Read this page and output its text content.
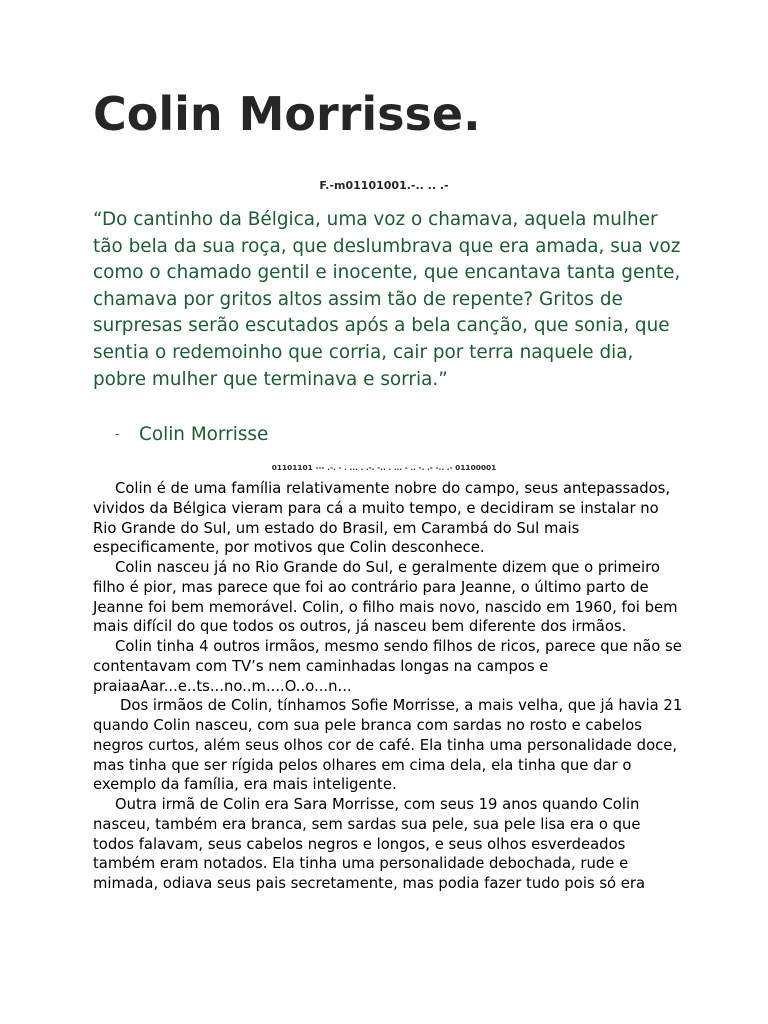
Colin Morrisse.
F.-m01101001.-.. .. .-

“Do cantinho da Bélgica, uma voz o chamava, aquela mulher tão bela da sua roça, que deslumbrava que era amada, sua voz como o chamado gentil e inocente, que encantava tanta gente, chamava por gritos altos assim tão de repente? Gritos de surpresas serão escutados após a bela canção, que sonia, que sentia o redemoinho que corria, cair por terra naquele dia, pobre mulher que terminava e sorria.”

- Colin Morrisse
01101101 --- .-. - . ... . .-. -.. . ... - .. -. .- -.. .- 01100001

Colin é de uma família relativamente nobre do campo, seus antepassados, vividos da Bélgica vieram para cá a muito tempo, e decidiram se instalar no Rio Grande do Sul, um estado do Brasil, em Carambá do Sul mais especificamente, por motivos que Colin desconhece.

Colin nasceu já no Rio Grande do Sul, e geralmente dizem que o primeiro filho é pior, mas parece que foi ao contrário para Jeanne, o último parto de Jeanne foi bem memorável. Colin, o filho mais novo, nascido em 1960, foi bem mais difícil do que todos os outros, já nasceu bem diferente dos irmãos.

Colin tinha 4 outros irmãos, mesmo sendo filhos de ricos, parece que não se contentavam com TV’s nem caminhadas longas na campos e praiaaAar...e..ts...no..m....O..o...n...

Dos irmãos de Colin, tínhamos Sofie Morrisse, a mais velha, que já havia 21 quando Colin nasceu, com sua pele branca com sardas no rosto e cabelos negros curtos, além seus olhos cor de café. Ela tinha uma personalidade doce, mas tinha que ser rígida pelos olhares em cima dela, ela tinha que dar o exemplo da família, era mais inteligente.

Outra irmã de Colin era Sara Morrisse, com seus 19 anos quando Colin nasceu, também era branca, sem sardas sua pele, sua pele lisa era o que todos falavam, seus cabelos negros e longos, e seus olhos esverdeados também eram notados. Ela tinha uma personalidade debochada, rude e mimada, odiava seus pais secretamente, mas podia fazer tudo pois só era
